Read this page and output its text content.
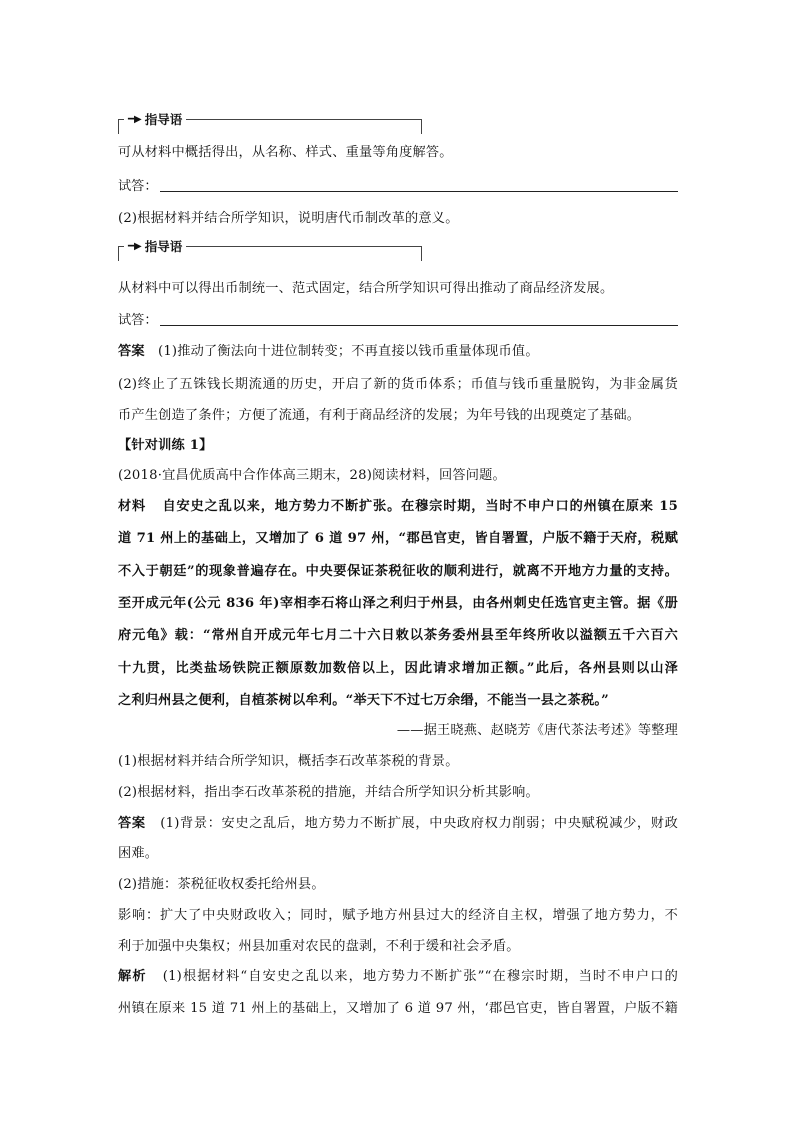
━▶ 指导语
可从材料中概括得出，从名称、样式、重量等角度解答。
试答：
(2)根据材料并结合所学知识，说明唐代币制改革的意义。
━▶ 指导语
从材料中可以得出币制统一、范式固定，结合所学知识可得出推动了商品经济发展。
试答：
答案 (1)推动了衡法向十进位制转变；不再直接以钱币重量体现币值。
(2)终止了五铢钱长期流通的历史，开启了新的货币体系；币值与钱币重量脱钩，为非金属货
币产生创造了条件；方便了流通，有利于商品经济的发展；为年号钱的出现奠定了基础。
【针对训练 1】
(2018·宜昌优质高中合作体高三期末，28)阅读材料，回答问题。
材料 自安史之乱以来，地方势力不断扩张。在穆宗时期，当时不申户口的州镇在原来 15
道 71 州上的基础上，又增加了 6 道 97 州，“郡邑官吏，皆自署置，户版不籍于天府，税赋
不入于朝廷”的现象普遍存在。中央要保证茶税征收的顺利进行，就离不开地方力量的支持。
至开成元年(公元 836 年)宰相李石将山泽之利归于州县，由各州刺史任选官吏主管。据《册
府元龟》载：“常州自开成元年七月二十六日敕以茶务委州县至年终所收以溢额五千六百六
十九贯，比类盐场铁院正额原数加数倍以上，因此请求增加正额。”此后，各州县则以山泽
之利归州县之便利，自植茶树以牟利。“举天下不过七万余缗，不能当一县之茶税。”
——据王晓燕、赵晓芳《唐代茶法考述》等整理
(1)根据材料并结合所学知识，概括李石改革茶税的背景。
(2)根据材料，指出李石改革茶税的措施，并结合所学知识分析其影响。
答案 (1)背景：安史之乱后，地方势力不断扩展，中央政府权力削弱；中央赋税减少，财政
困难。
(2)措施：茶税征收权委托给州县。
影响：扩大了中央财政收入；同时，赋予地方州县过大的经济自主权，增强了地方势力，不
利于加强中央集权；州县加重对农民的盘剥，不利于缓和社会矛盾。
解析 (1)根据材料“自安史之乱以来，地方势力不断扩张”“在穆宗时期，当时不申户口的
州镇在原来 15 道 71 州上的基础上，又增加了 6 道 97 州，‘郡邑官吏，皆自署置，户版不籍
